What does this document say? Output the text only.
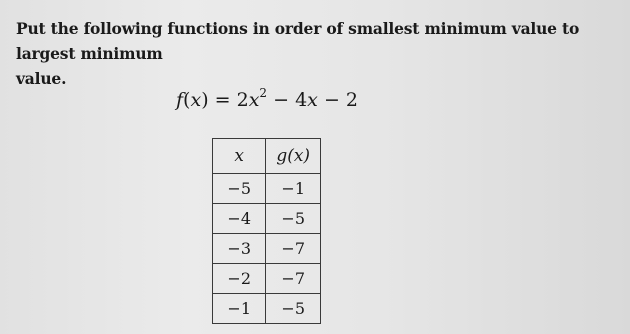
Put the following functions in order of smallest minimum value to largest minimum
value.
$f(x) = 2x^2 - 4x - 2$
x	g(x)
−5	−1
−4	−5
−3	−7
−2	−7
−1	−5
